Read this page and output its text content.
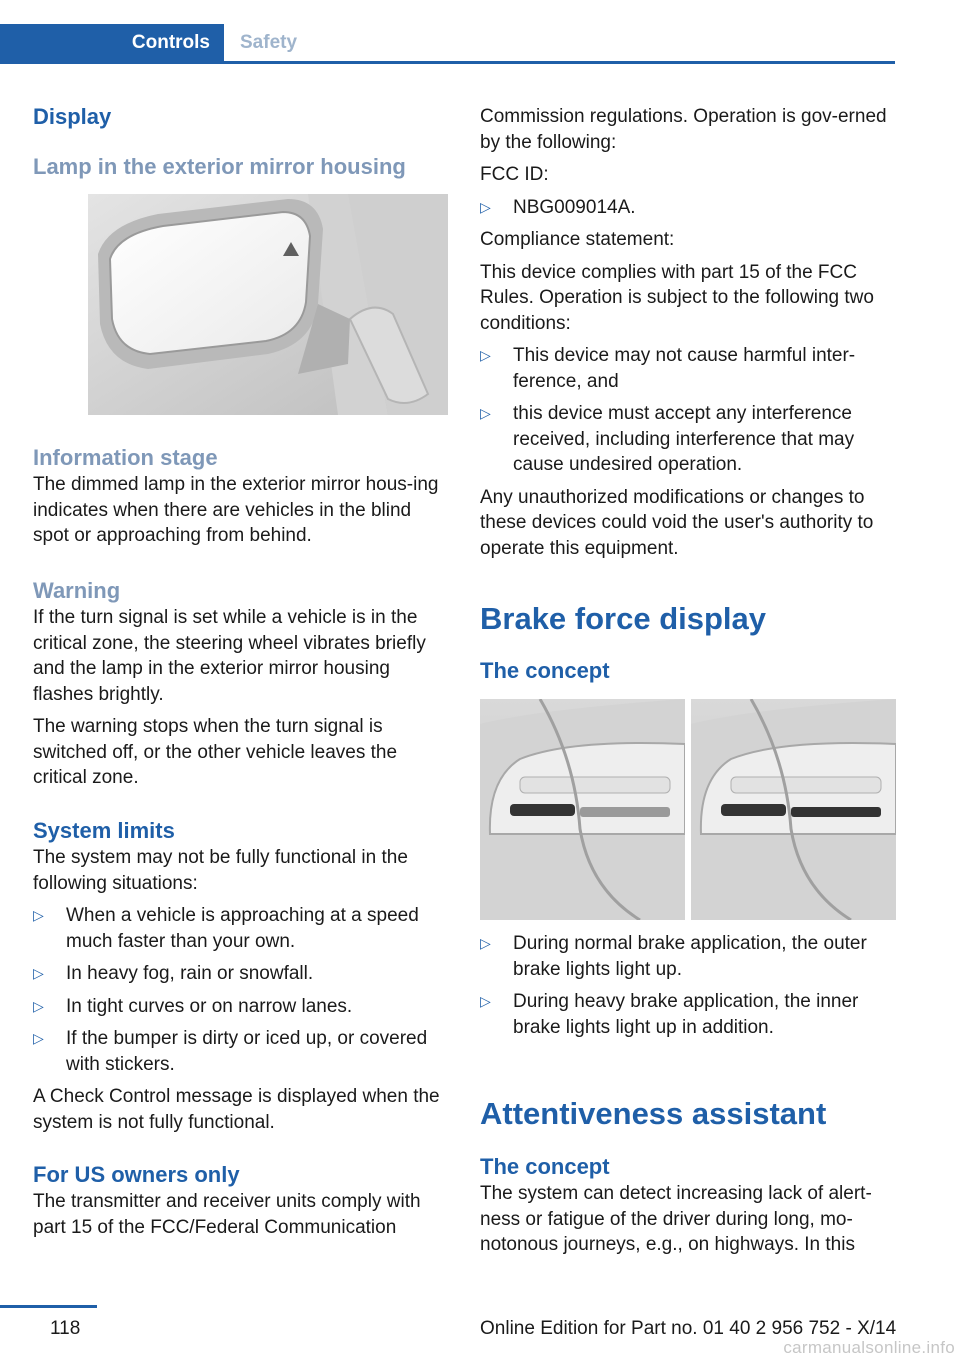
Controls	Safety
Display
Lamp in the exterior mirror housing
Information stage

The dimmed lamp in the exterior mirror hous-ing indicates when there are vehicles in the blind spot or approaching from behind.

Warning

If the turn signal is set while a vehicle is in the critical zone, the steering wheel vibrates briefly and the lamp in the exterior mirror housing flashes brightly.

The warning stops when the turn signal is switched off, or the other vehicle leaves the critical zone.

System limits

The system may not be fully functional in the following situations:

▷ When a vehicle is approaching at a speed much faster than your own.
▷ In heavy fog, rain or snowfall.
▷ In tight curves or on narrow lanes.
▷ If the bumper is dirty or iced up, or covered with stickers.

A Check Control message is displayed when the system is not fully functional.

For US owners only

The transmitter and receiver units comply with part 15 of the FCC/Federal Communication

Commission regulations. Operation is gov-erned by the following:

FCC ID:

▷ NBG009014A.

Compliance statement:

This device complies with part 15 of the FCC Rules. Operation is subject to the following two conditions:

▷ This device may not cause harmful inter-ference, and
▷ this device must accept any interference received, including interference that may cause undesired operation.

Any unauthorized modifications or changes to these devices could void the user's authority to operate this equipment.

Brake force display
The concept
▷ During normal brake application, the outer brake lights light up.
▷ During heavy brake application, the inner brake lights light up in addition.
Attentiveness assistant
The concept

The system can detect increasing lack of alert-ness or fatigue of the driver during long, mo-notonous journeys, e.g., on highways. In this

118	Online Edition for Part no. 01 40 2 956 752 - X/14
carmanualsonline.info
